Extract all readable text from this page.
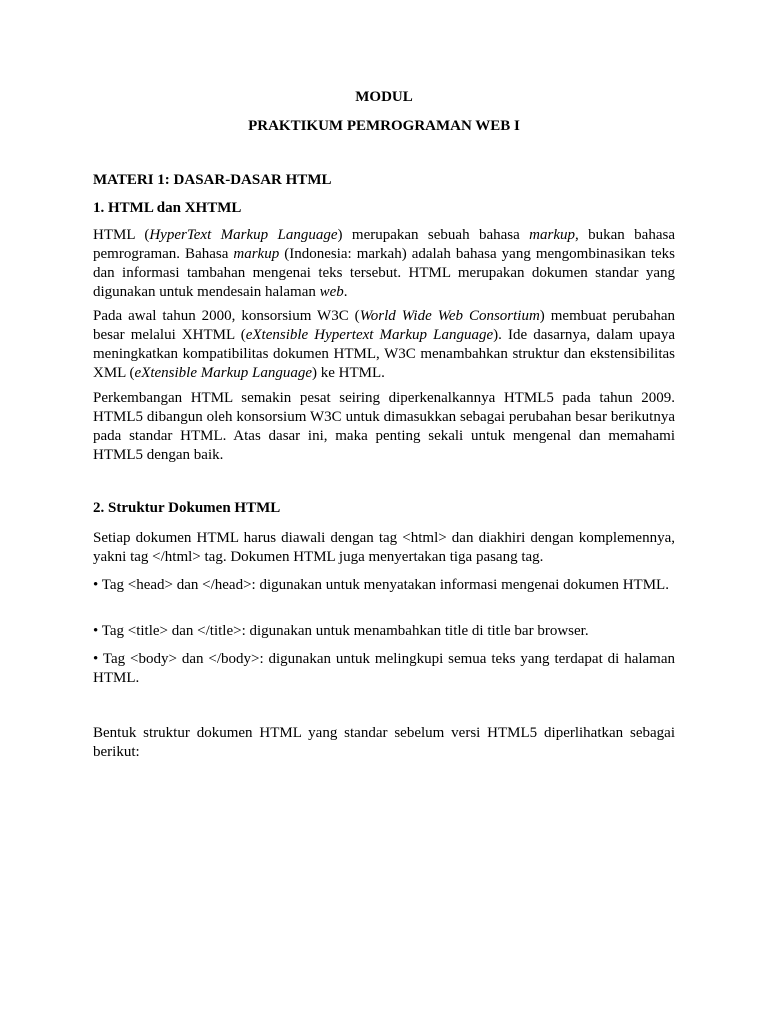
MODUL
PRAKTIKUM PEMROGRAMAN WEB I
MATERI 1: DASAR-DASAR HTML
1. HTML dan XHTML

HTML (HyperText Markup Language) merupakan sebuah bahasa markup, bukan bahasa pemrograman. Bahasa markup (Indonesia: markah) adalah bahasa yang mengombinasikan teks dan informasi tambahan mengenai teks tersebut. HTML merupakan dokumen standar yang digunakan untuk mendesain halaman web.

Pada awal tahun 2000, konsorsium W3C (World Wide Web Consortium) membuat perubahan besar melalui XHTML (eXtensible Hypertext Markup Language). Ide dasarnya, dalam upaya meningkatkan kompatibilitas dokumen HTML, W3C menambahkan struktur dan ekstensibilitas XML (eXtensible Markup Language) ke HTML.

Perkembangan HTML semakin pesat seiring diperkenalkannya HTML5 pada tahun 2009. HTML5 dibangun oleh konsorsium W3C untuk dimasukkan sebagai perubahan besar berikutnya pada standar HTML. Atas dasar ini, maka penting sekali untuk mengenal dan memahami HTML5 dengan baik.

2. Struktur Dokumen HTML

Setiap dokumen HTML harus diawali dengan tag <html> dan diakhiri dengan komplemennya, yakni tag </html> tag. Dokumen HTML juga menyertakan tiga pasang tag.

• Tag <head> dan </head>: digunakan untuk menyatakan informasi mengenai dokumen HTML.

• Tag <title> dan </title>: digunakan untuk menambahkan title di title bar browser.

• Tag <body> dan </body>: digunakan untuk melingkupi semua teks yang terdapat di halaman HTML.

Bentuk struktur dokumen HTML yang standar sebelum versi HTML5 diperlihatkan sebagai berikut:
